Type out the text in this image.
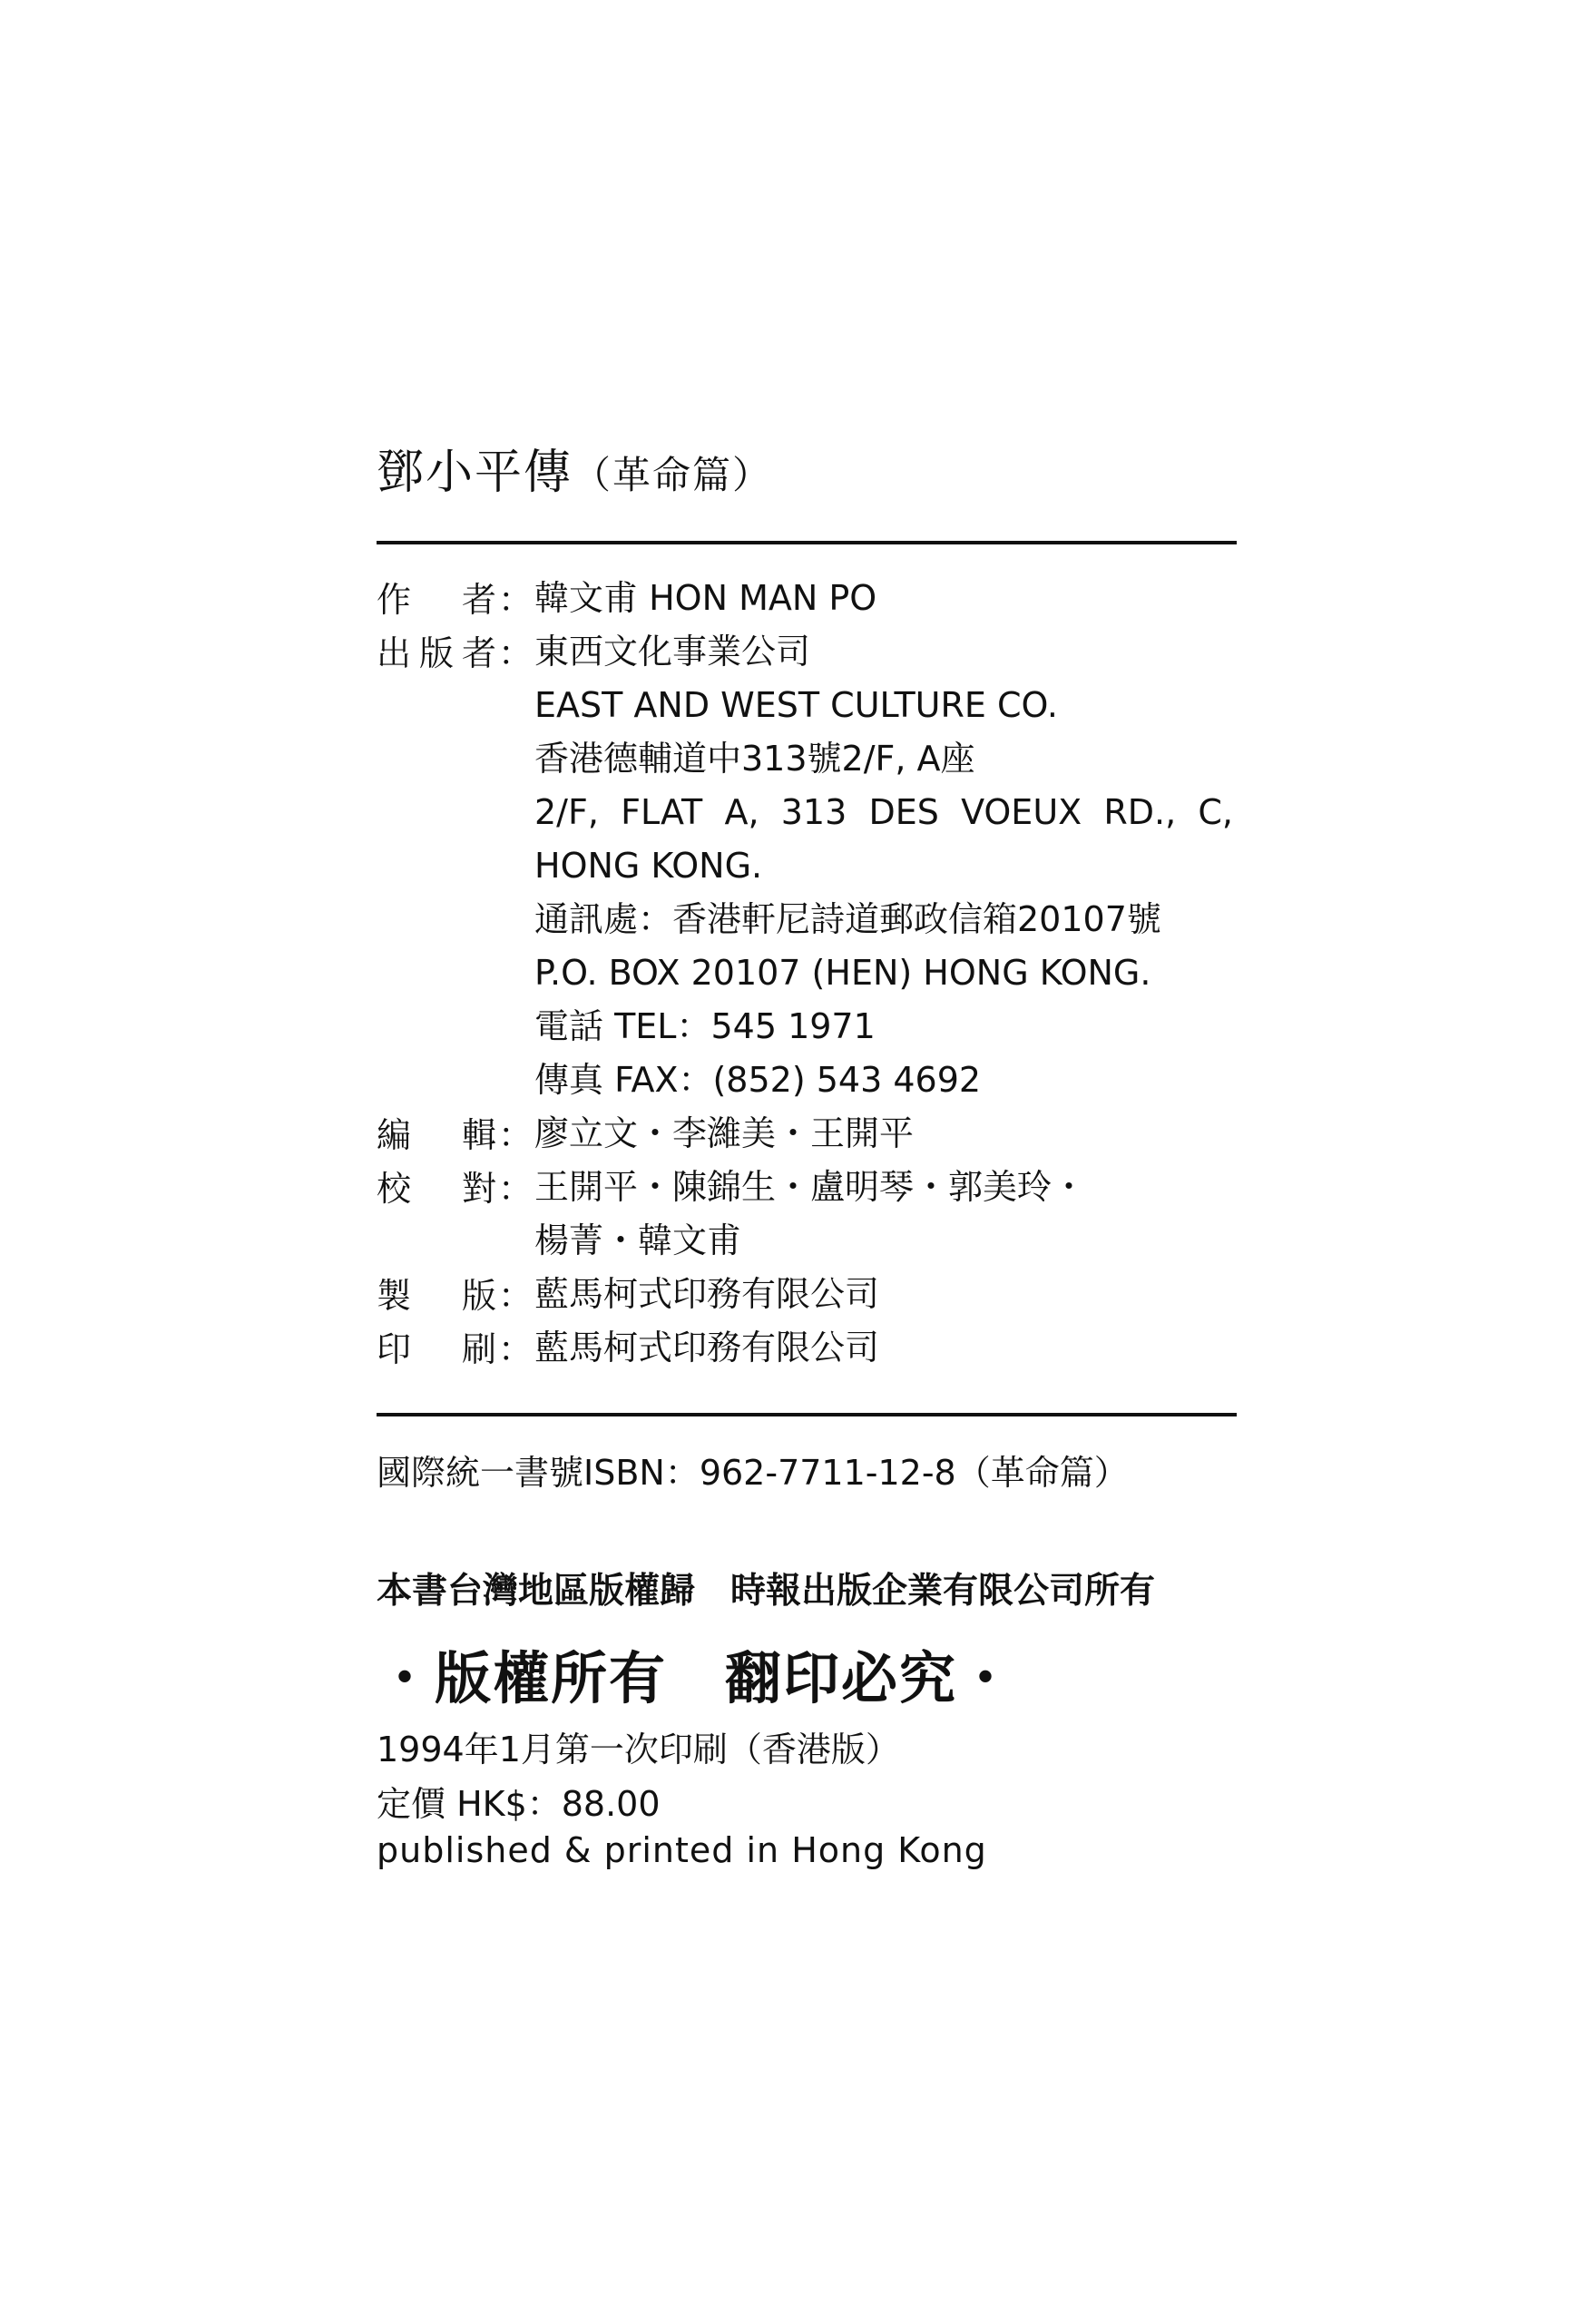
鄧小平傳（革命篇）
作 者 ： 韓文甫 HON MAN PO
出 版 者 ： 東西文化事業公司
EAST AND WEST CULTURE CO.
香港德輔道中313號2/F, A座
2/F, FLAT A, 313 DES VOEUX RD., C,
HONG KONG.
通訊處：香港軒尼詩道郵政信箱20107號
P.O. BOX 20107 (HEN) HONG KONG.
電話 TEL：545 1971
傳真 FAX：(852) 543 4692
編 輯 ： 廖立文・李濰美・王開平
校 對 ： 王開平・陳錦生・盧明琴・郭美玲・
楊菁・韓文甫
製 版 ： 藍馬柯式印務有限公司
印 刷 ： 藍馬柯式印務有限公司
國際統一書號ISBN：962-7711-12-8（革命篇）
本書台灣地區版權歸　時報出版企業有限公司所有
・版權所有　翻印必究・
1994年1月第一次印刷（香港版）
定價 HK$：88.00
published & printed in Hong Kong
